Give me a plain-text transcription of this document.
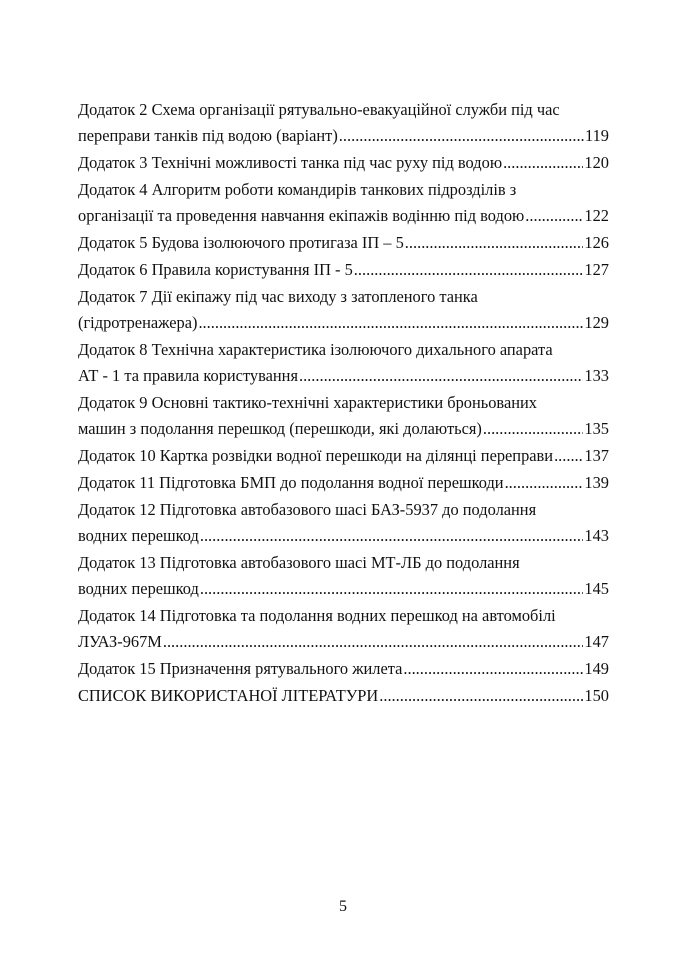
Додаток 2 Схема організації рятувально-евакуаційної служби під час
переправи танків під водою (варіант) .....	119
Додаток 3 Технічні можливості танка під час руху під водою .....	120
Додаток 4 Алгоритм роботи командирів танкових підрозділів з
організації та проведення навчання екіпажів водінню під водою .....	122
Додаток 5 Будова ізолюючого протигаза ІП – 5 .....	126
Додаток 6 Правила користування ІП - 5 .....	127
Додаток 7 Дії екіпажу під час виходу з затопленого танка
(гідротренажера) .....	129
Додаток 8 Технічна характеристика ізолюючого дихального апарата
АТ - 1 та правила користування .....	133
Додаток 9 Основні тактико-технічні характеристики броньованих
машин з подолання перешкод (перешкоди, які долаються) .....	135
Додаток 10 Картка розвідки водної перешкоди на ділянці переправи ..... 137
Додаток 11 Підготовка БМП до подолання водної перешкоди .....	139
Додаток 12 Підготовка автобазового шасі БАЗ-5937 до подолання
водних перешкод .....	143
Додаток 13 Підготовка автобазового шасі МТ-ЛБ до подолання
водних перешкод .....	145
Додаток 14 Підготовка та подолання водних перешкод на автомобілі
ЛУАЗ-967М .....	147
Додаток 15 Призначення рятувального жилета .....	149
СПИСОК ВИКОРИСТАНОЇ ЛІТЕРАТУРИ .....	150
5
